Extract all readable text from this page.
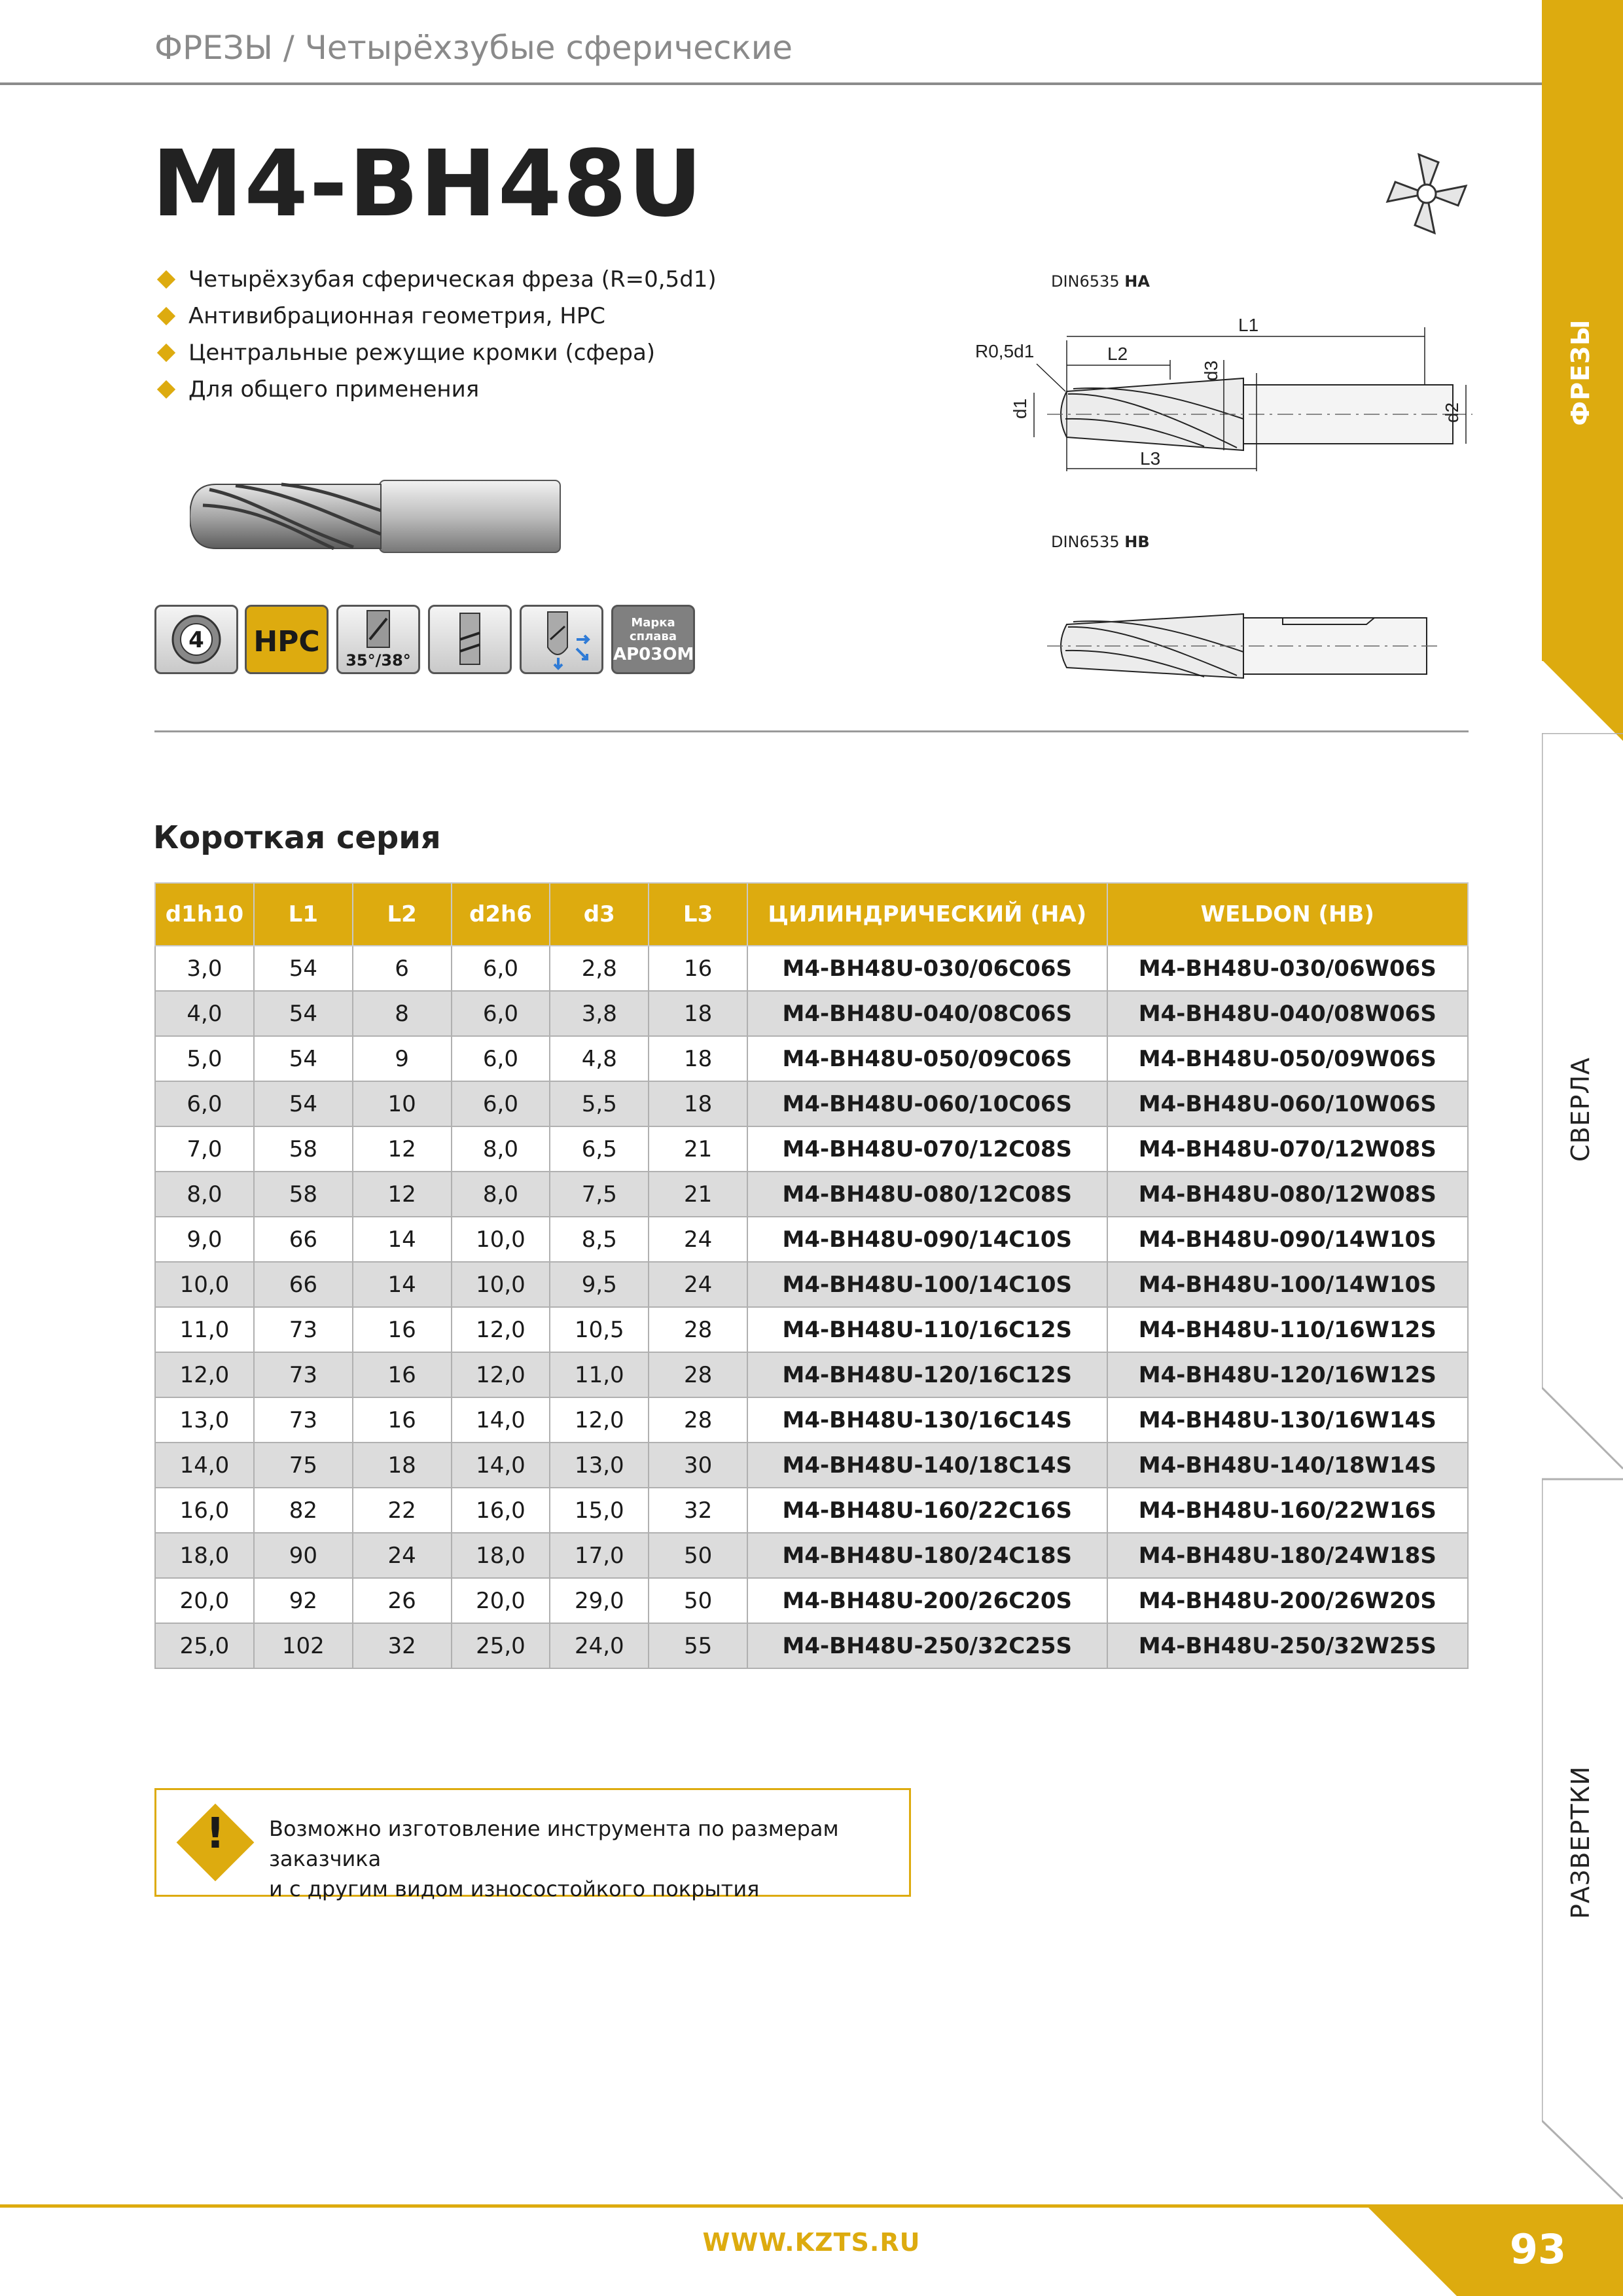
ФРЕЗЫ / Четырёхзубые сферические
ФРЕЗЫ
СВЕРЛА
РАЗВЕРТКИ
M4-BH48U
Четырёхзубая сферическая фреза (R=0,5d1)
Антивибрационная геометрия, HPC
Центральные режущие кромки (сфера)
Для общего применения
DIN6535 HA
L1
L2
L3
R0,5d1
d1
d3
d2
DIN6535 HB
4 HPC
35°/38°
Марка
сплава
AP03OM
Короткая серия
d1h10	L1	L2	d2h6	d3	L3	ЦИЛИНДРИЧЕСКИЙ (HA)	WELDON (HB)
3,0	54	6	6,0	2,8	16	M4-BH48U-030/06C06S	M4-BH48U-030/06W06S
4,0	54	8	6,0	3,8	18	M4-BH48U-040/08C06S	M4-BH48U-040/08W06S
5,0	54	9	6,0	4,8	18	M4-BH48U-050/09C06S	M4-BH48U-050/09W06S
6,0	54	10	6,0	5,5	18	M4-BH48U-060/10C06S	M4-BH48U-060/10W06S
7,0	58	12	8,0	6,5	21	M4-BH48U-070/12C08S	M4-BH48U-070/12W08S
8,0	58	12	8,0	7,5	21	M4-BH48U-080/12C08S	M4-BH48U-080/12W08S
9,0	66	14	10,0	8,5	24	M4-BH48U-090/14C10S	M4-BH48U-090/14W10S
10,0	66	14	10,0	9,5	24	M4-BH48U-100/14C10S	M4-BH48U-100/14W10S
11,0	73	16	12,0	10,5	28	M4-BH48U-110/16C12S	M4-BH48U-110/16W12S
12,0	73	16	12,0	11,0	28	M4-BH48U-120/16C12S	M4-BH48U-120/16W12S
13,0	73	16	14,0	12,0	28	M4-BH48U-130/16C14S	M4-BH48U-130/16W14S
14,0	75	18	14,0	13,0	30	M4-BH48U-140/18C14S	M4-BH48U-140/18W14S
16,0	82	22	16,0	15,0	32	M4-BH48U-160/22C16S	M4-BH48U-160/22W16S
18,0	90	24	18,0	17,0	50	M4-BH48U-180/24C18S	M4-BH48U-180/24W18S
20,0	92	26	20,0	29,0	50	M4-BH48U-200/26C20S	M4-BH48U-200/26W20S
25,0	102	32	25,0	24,0	55	M4-BH48U-250/32C25S	M4-BH48U-250/32W25S
!	Возможно изготовление инструмента по размерам заказчика
и с другим видом износостойкого покрытия
WWW.KZTS.RU	93
